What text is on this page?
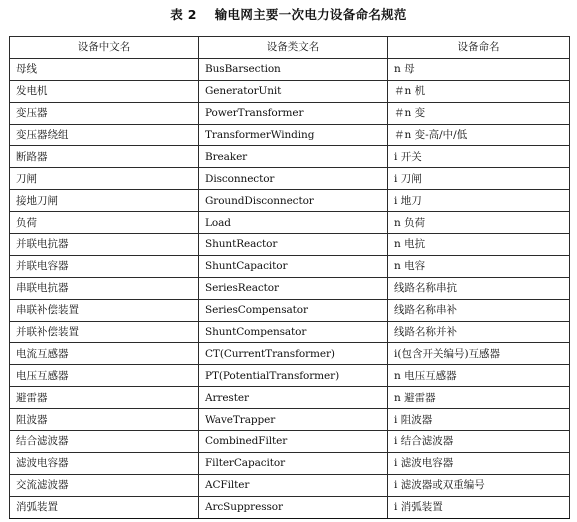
表 2 输电网主要一次电力设备命名规范
设备中文名	设备类文名	设备命名
母线	BusBarsection	n 母
发电机	GeneratorUnit	＃n 机
变压器	PowerTransformer	＃n 变
变压器绕组	TransformerWinding	＃n 变-高/中/低
断路器	Breaker	i 开关
刀闸	Disconnector	i 刀闸
接地刀闸	GroundDisconnector	i 地刀
负荷	Load	n 负荷
并联电抗器	ShuntReactor	n 电抗
并联电容器	ShuntCapacitor	n 电容
串联电抗器	SeriesReactor	线路名称串抗
串联补偿装置	SeriesCompensator	线路名称串补
并联补偿装置	ShuntCompensator	线路名称并补
电流互感器	CT(CurrentTransformer)	i(包含开关编号)互感器
电压互感器	PT(PotentialTransformer)	n 电压互感器
避雷器	Arrester	n 避雷器
阻波器	WaveTrapper	i 阻波器
结合滤波器	CombinedFilter	i 结合滤波器
滤波电容器	FilterCapacitor	i 滤波电容器
交流滤波器	ACFilter	i 滤波器或双重编号
消弧装置	ArcSuppressor	i 消弧装置
